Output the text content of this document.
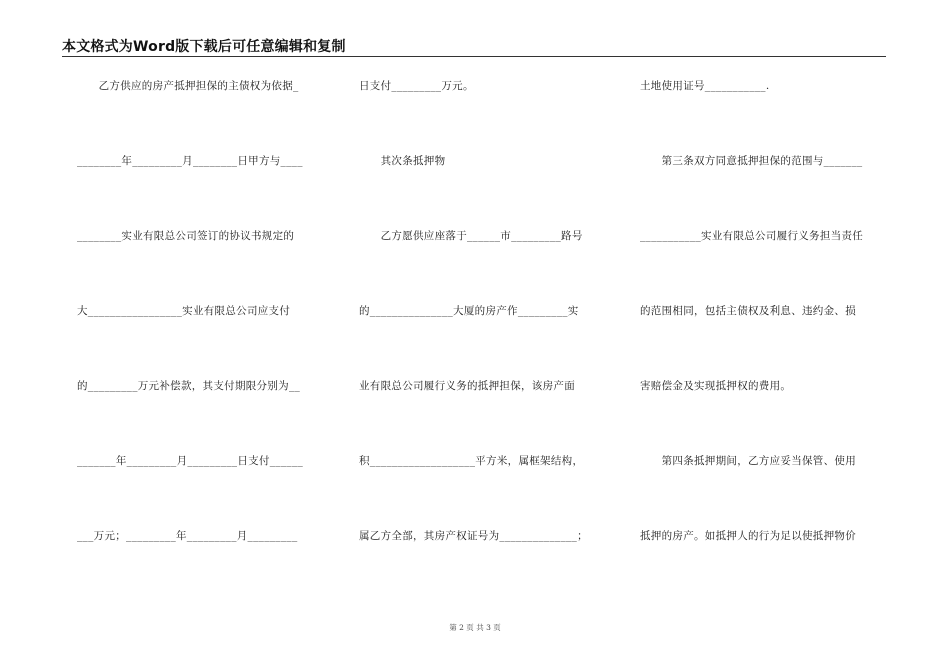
本文格式为Word版下载后可任意编辑和复制
　　乙方供应的房产抵押担保的主债权为依据_
________年_________月________日甲方与____
________实业有限总公司签订的协议书规定的
大_________________实业有限总公司应支付
的_________万元补偿款，其支付期限分别为__
_______年_________月_________日支付______
___万元；_________年_________月_________
日支付_________万元。
　　其次条抵押物
　　乙方愿供应座落于______市_________路号
的_______________大厦的房产作_________实
业有限总公司履行义务的抵押担保，该房产面
积___________________平方米，属框架结构，
属乙方全部，其房产权证号为______________；
土地使用证号___________.
　　第三条双方同意抵押担保的范围与_______
___________实业有限总公司履行义务担当责任
的范围相同，包括主债权及利息、违约金、损
害赔偿金及实现抵押权的费用。
　　第四条抵押期间，乙方应妥当保管、使用
抵押的房产。如抵押人的行为足以使抵押物价
第 2 页 共 3 页
